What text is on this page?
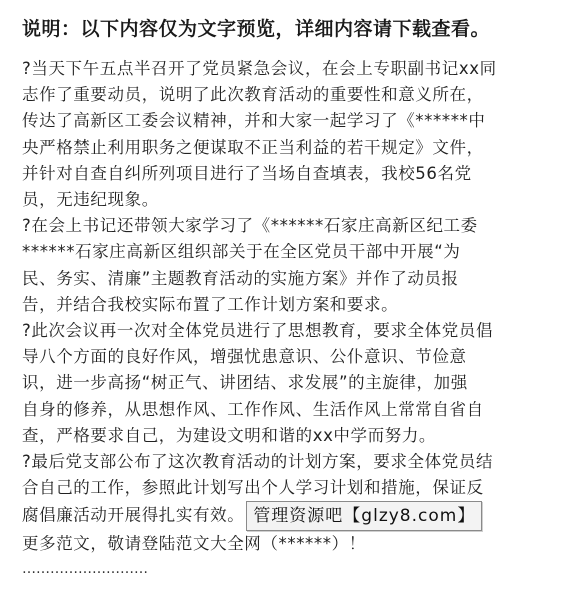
说明：以下内容仅为文字预览，详细内容请下载查看。
?当天下午五点半召开了党员紧急会议，在会上专职副书记xx同
志作了重要动员，说明了此次教育活动的重要性和意义所在，
传达了高新区工委会议精神，并和大家一起学习了《******中
央严格禁止利用职务之便谋取不正当利益的若干规定》文件，
并针对自查自纠所列项目进行了当场自查填表，我校56名党
员，无违纪现象。
?在会上书记还带领大家学习了《******石家庄高新区纪工委
******石家庄高新区组织部关于在全区党员干部中开展“为
民、务实、清廉”主题教育活动的实施方案》并作了动员报
告，并结合我校实际布置了工作计划方案和要求。
?此次会议再一次对全体党员进行了思想教育，要求全体党员倡
导八个方面的良好作风，增强忧患意识、公仆意识、节俭意
识，进一步高扬“树正气、讲团结、求发展”的主旋律，加强
自身的修养，从思想作风、工作作风、生活作风上常常自省自
查，严格要求自己，为建设文明和谐的xx中学而努力。
?最后党支部公布了这次教育活动的计划方案，要求全体党员结
合自己的工作，参照此计划写出个人学习计划和措施，保证反
腐倡廉活动开展得扎实有效。 管理资源吧【glzy8.com】
更多范文，敬请登陆范文大全网（******）！
………………………
